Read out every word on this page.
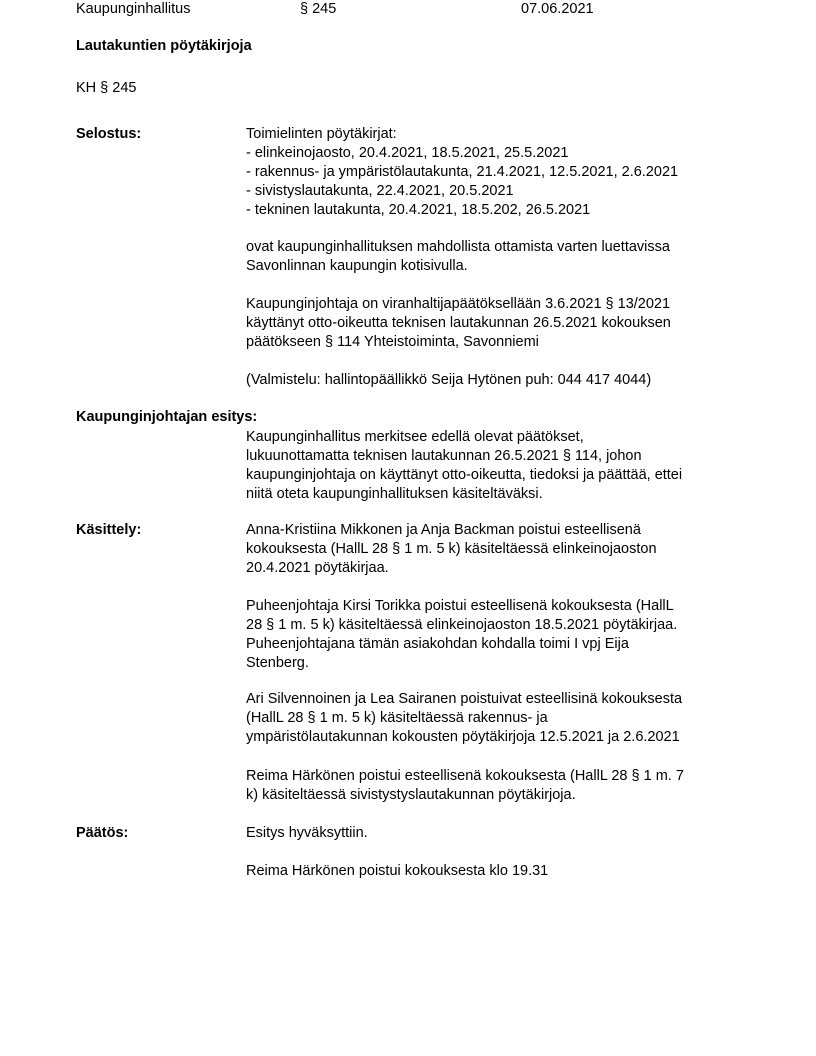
Kaupunginhallitus	§ 245	07.06.2021
Lautakuntien pöytäkirjoja
KH § 245
Selostus:	Toimielinten pöytäkirjat:
- elinkeinojaosto, 20.4.2021, 18.5.2021, 25.5.2021
- rakennus- ja ympäristölautakunta, 21.4.2021, 12.5.2021, 2.6.2021
- sivistyslautakunta, 22.4.2021, 20.5.2021
- tekninen lautakunta, 20.4.2021, 18.5.202, 26.5.2021
ovat kaupunginhallituksen mahdollista ottamista varten luettavissa
Savonlinnan kaupungin kotisivulla.
Kaupunginjohtaja on viranhaltijapäätöksellään 3.6.2021 § 13/2021
käyttänyt otto-oikeutta teknisen lautakunnan 26.5.2021 kokouksen
päätökseen § 114 Yhteistoiminta, Savonniemi
(Valmistelu: hallintopäällikkö Seija Hytönen puh: 044 417 4044)
Kaupunginjohtajan esitys:
Kaupunginhallitus merkitsee edellä olevat päätökset,
lukuunottamatta teknisen lautakunnan 26.5.2021 § 114, johon
kaupunginjohtaja on käyttänyt otto-oikeutta, tiedoksi ja päättää, ettei
niitä oteta kaupunginhallituksen käsiteltäväksi.
Käsittely:	Anna-Kristiina Mikkonen ja Anja Backman poistui esteellisenä
kokouksesta (HallL 28 § 1 m. 5 k) käsiteltäessä elinkeinojaoston
20.4.2021 pöytäkirjaa.
Puheenjohtaja Kirsi Torikka poistui esteellisenä kokouksesta (HallL
28 § 1 m. 5 k) käsiteltäessä elinkeinojaoston 18.5.2021 pöytäkirjaa.
Puheenjohtajana tämän asiakohdan kohdalla toimi I vpj Eija
Stenberg.
Ari Silvennoinen ja Lea Sairanen poistuivat esteellisinä kokouksesta
(HallL 28 § 1 m. 5 k) käsiteltäessä rakennus- ja
ympäristölautakunnan kokousten pöytäkirjoja 12.5.2021 ja 2.6.2021
Reima Härkönen poistui esteellisenä kokouksesta (HallL 28 § 1 m. 7
k) käsiteltäessä sivistystyslautakunnan pöytäkirjoja.
Päätös:	Esitys hyväksyttiin.
Reima Härkönen poistui kokouksesta klo 19.31
